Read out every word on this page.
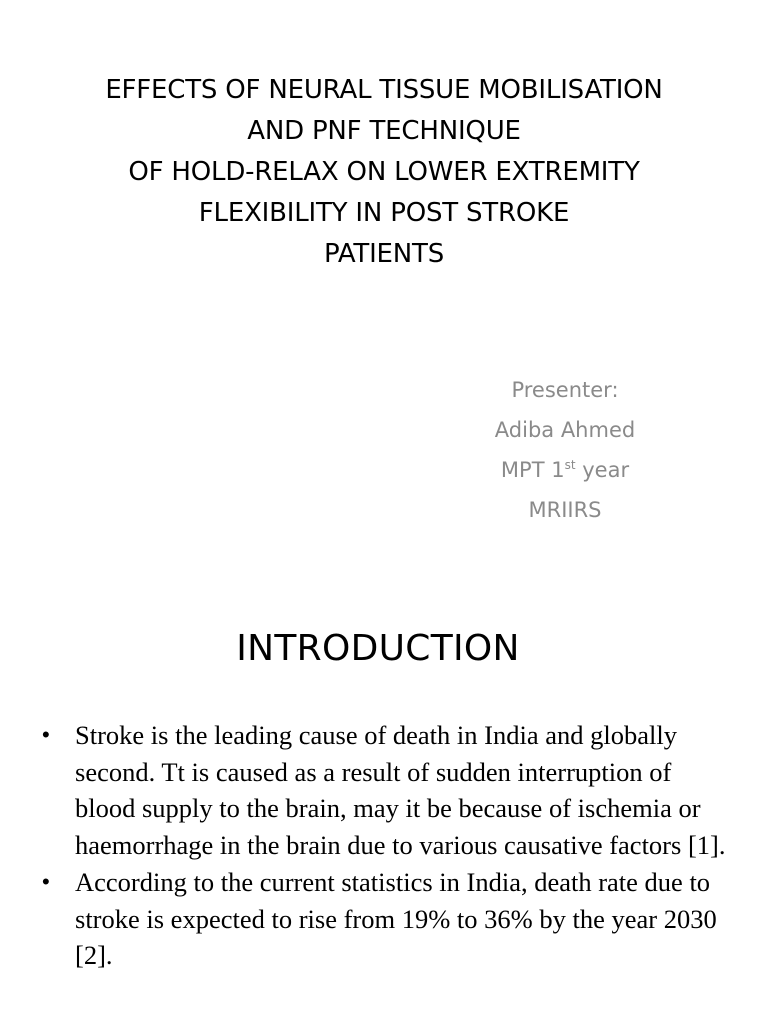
EFFECTS OF NEURAL TISSUE MOBILISATION
AND PNF TECHNIQUE
OF HOLD-RELAX ON LOWER EXTREMITY
FLEXIBILITY IN POST STROKE
PATIENTS
Presenter:
Adiba Ahmed
MPT 1st year
MRIIRS
INTRODUCTION
• Stroke is the leading cause of death in India and globally second. Tt is caused as a result of sudden interruption of blood supply to the brain, may it be because of ischemia or haemorrhage in the brain due to various causative factors [1].
• According to the current statistics in India, death rate due to stroke is expected to rise from 19% to 36% by the year 2030 [2].
